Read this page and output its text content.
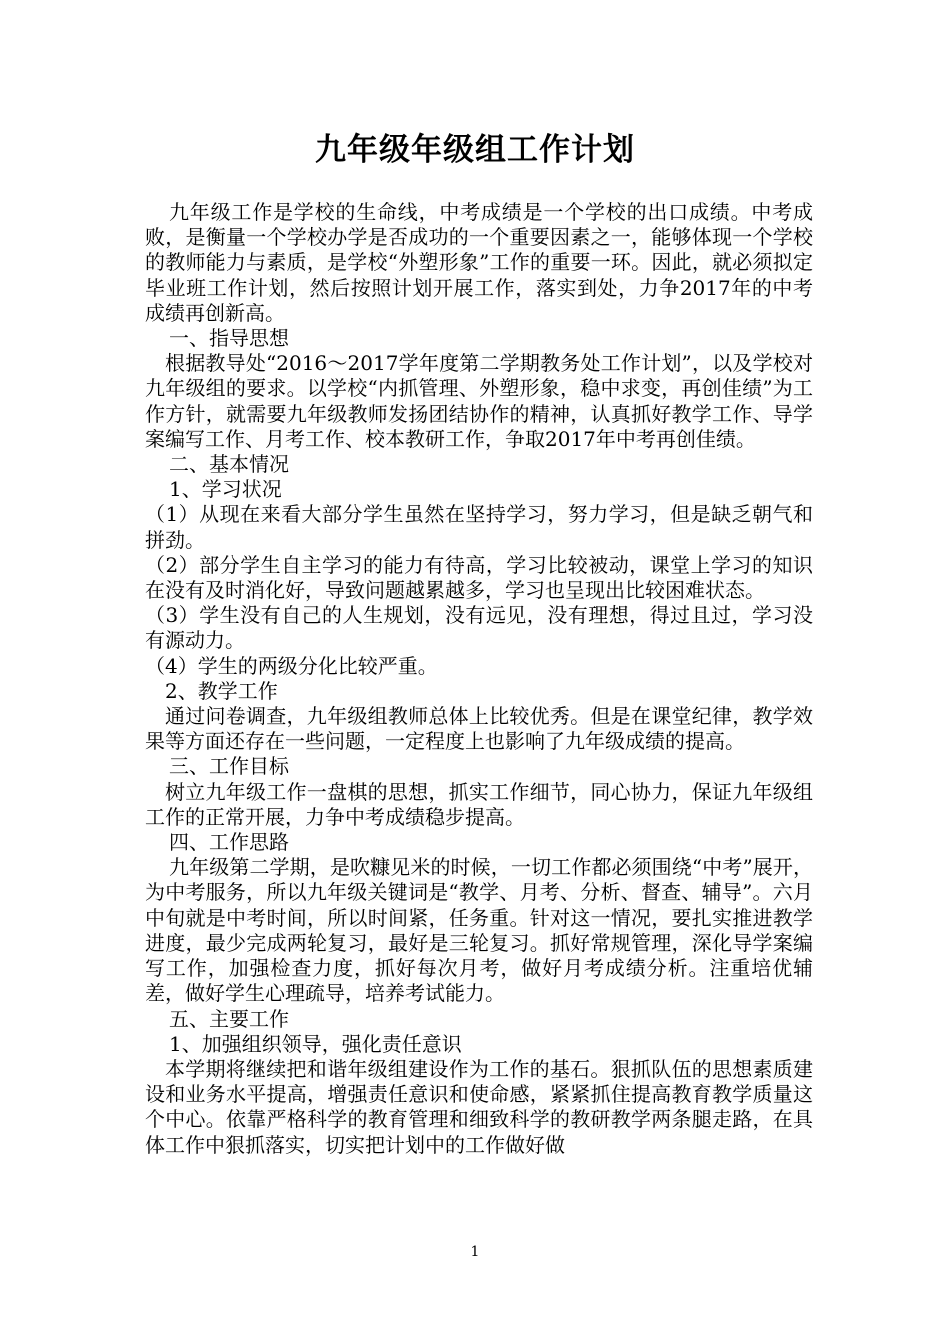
九年级年级组工作计划

九年级工作是学校的生命线，中考成绩是一个学校的出口成绩。中考成败，是衡量一个学校办学是否成功的一个重要因素之一，能够体现一个学校的教师能力与素质，是学校“外塑形象”工作的重要一环。因此，就必须拟定毕业班工作计划，然后按照计划开展工作，落实到处，力争2017年的中考成绩再创新高。

一、指导思想

根据教导处“2016～2017学年度第二学期教务处工作计划”，以及学校对九年级组的要求。以学校“内抓管理、外塑形象，稳中求变，再创佳绩”为工作方针，就需要九年级教师发扬团结协作的精神，认真抓好教学工作、导学案编写工作、月考工作、校本教研工作，争取2017年中考再创佳绩。

二、基本情况

1、学习状况

（1）从现在来看大部分学生虽然在坚持学习，努力学习，但是缺乏朝气和拼劲。

（2）部分学生自主学习的能力有待高，学习比较被动，课堂上学习的知识在没有及时消化好，导致问题越累越多，学习也呈现出比较困难状态。

（3）学生没有自己的人生规划，没有远见，没有理想，得过且过，学习没有源动力。

（4）学生的两级分化比较严重。

2、教学工作

通过问卷调查，九年级组教师总体上比较优秀。但是在课堂纪律，教学效果等方面还存在一些问题，一定程度上也影响了九年级成绩的提高。

三、工作目标

树立九年级工作一盘棋的思想，抓实工作细节，同心协力，保证九年级组工作的正常开展，力争中考成绩稳步提高。

四、工作思路

九年级第二学期，是吹糠见米的时候，一切工作都必须围绕“中考”展开，为中考服务，所以九年级关键词是“教学、月考、分析、督查、辅导”。六月中旬就是中考时间，所以时间紧，任务重。针对这一情况，要扎实推进教学进度，最少完成两轮复习，最好是三轮复习。抓好常规管理，深化导学案编写工作，加强检查力度，抓好每次月考，做好月考成绩分析。注重培优辅差，做好学生心理疏导，培养考试能力。

五、主要工作

1、加强组织领导，强化责任意识

本学期将继续把和谐年级组建设作为工作的基石。狠抓队伍的思想素质建设和业务水平提高，增强责任意识和使命感，紧紧抓住提高教育教学质量这个中心。依靠严格科学的教育管理和细致科学的教研教学两条腿走路，在具体工作中狠抓落实，切实把计划中的工作做好做

1
